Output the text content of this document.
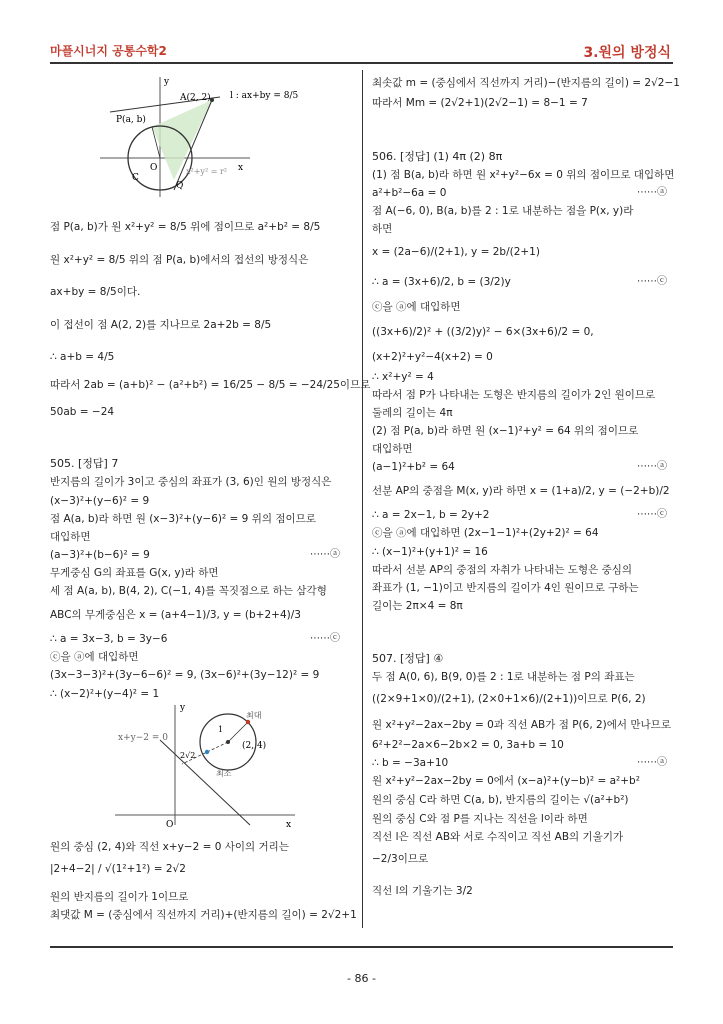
마플시너지 공통수학2	3.원의 방정식
y
x
O
C
Q
P(a, b)
A(2, 2) l : ax+by = 8/5
x²+y² = r²
점 P(a, b)가 원 x²+y² = 8/5 위에 점이므로 a²+b² = 8/5
원 x²+y² = 8/5 위의 점 P(a, b)에서의 접선의 방정식은
ax+by = 8/5이다.
이 접선이 점 A(2, 2)를 지나므로 2a+2b = 8/5
∴ a+b = 4/5
따라서 2ab = (a+b)² − (a²+b²) = 16/25 − 8/5 = −24/25이므로
50ab = −24
505. [정답] 7
반지름의 길이가 3이고 중심의 좌표가 (3, 6)인 원의 방정식은
(x−3)²+(y−6)² = 9
점 A(a, b)라 하면 원 (x−3)²+(y−6)² = 9 위의 점이므로
대입하면
(a−3)²+(b−6)² = 9	⋯⋯ⓐ
무게중심 G의 좌표를 G(x, y)라 하면
세 점 A(a, b), B(4, 2), C(−1, 4)를 꼭짓점으로 하는 삼각형
ABC의 무게중심은 x = (a+4−1)/3, y = (b+2+4)/3
∴ a = 3x−3, b = 3y−6	⋯⋯ⓒ
ⓒ을 ⓐ에 대입하면
(3x−3−3)²+(3y−6−6)² = 9, (3x−6)²+(3y−12)² = 9
∴ (x−2)²+(y−4)² = 1
y
x
O
x+y−2 = 0
(2, 4)
최대
최소
2√2
1
원의 중심 (2, 4)와 직선 x+y−2 = 0 사이의 거리는
|2+4−2| / √(1²+1²) = 2√2
원의 반지름의 길이가 1이므로
최댓값 M = (중심에서 직선까지 거리)+(반지름의 길이) = 2√2+1
최솟값 m = (중심에서 직선까지 거리)−(반지름의 길이) = 2√2−1
따라서 Mm = (2√2+1)(2√2−1) = 8−1 = 7
506. [정답] (1) 4π (2) 8π
(1) 점 B(a, b)라 하면 원 x²+y²−6x = 0 위의 점이므로 대입하면
a²+b²−6a = 0	⋯⋯ⓐ
점 A(−6, 0), B(a, b)를 2 : 1로 내분하는 점을 P(x, y)라
하면
x = (2a−6)/(2+1), y = 2b/(2+1)
∴ a = (3x+6)/2, b = (3/2)y	⋯⋯ⓒ
ⓒ을 ⓐ에 대입하면
((3x+6)/2)² + ((3/2)y)² − 6×(3x+6)/2 = 0,
(x+2)²+y²−4(x+2) = 0
∴ x²+y² = 4
따라서 점 P가 나타내는 도형은 반지름의 길이가 2인 원이므로
둘레의 길이는 4π
(2) 점 P(a, b)라 하면 원 (x−1)²+y² = 64 위의 점이므로
대입하면
(a−1)²+b² = 64	⋯⋯ⓐ
선분 AP의 중점을 M(x, y)라 하면 x = (1+a)/2, y = (−2+b)/2
∴ a = 2x−1, b = 2y+2	⋯⋯ⓒ
ⓒ을 ⓐ에 대입하면 (2x−1−1)²+(2y+2)² = 64
∴ (x−1)²+(y+1)² = 16
따라서 선분 AP의 중점의 자취가 나타내는 도형은 중심의
좌표가 (1, −1)이고 반지름의 길이가 4인 원이므로 구하는
길이는 2π×4 = 8π
507. [정답] ④
두 점 A(0, 6), B(9, 0)를 2 : 1로 내분하는 점 P의 좌표는
((2×9+1×0)/(2+1), (2×0+1×6)/(2+1))이므로 P(6, 2)
원 x²+y²−2ax−2by = 0과 직선 AB가 점 P(6, 2)에서 만나므로
6²+2²−2a×6−2b×2 = 0, 3a+b = 10
∴ b = −3a+10	⋯⋯ⓐ
원 x²+y²−2ax−2by = 0에서 (x−a)²+(y−b)² = a²+b²
원의 중심 C라 하면 C(a, b), 반지름의 길이는 √(a²+b²)
원의 중심 C와 점 P를 지나는 직선을 l이라 하면
직선 l은 직선 AB와 서로 수직이고 직선 AB의 기울기가
−2/3이므로
직선 l의 기울기는 3/2
- 86 -
